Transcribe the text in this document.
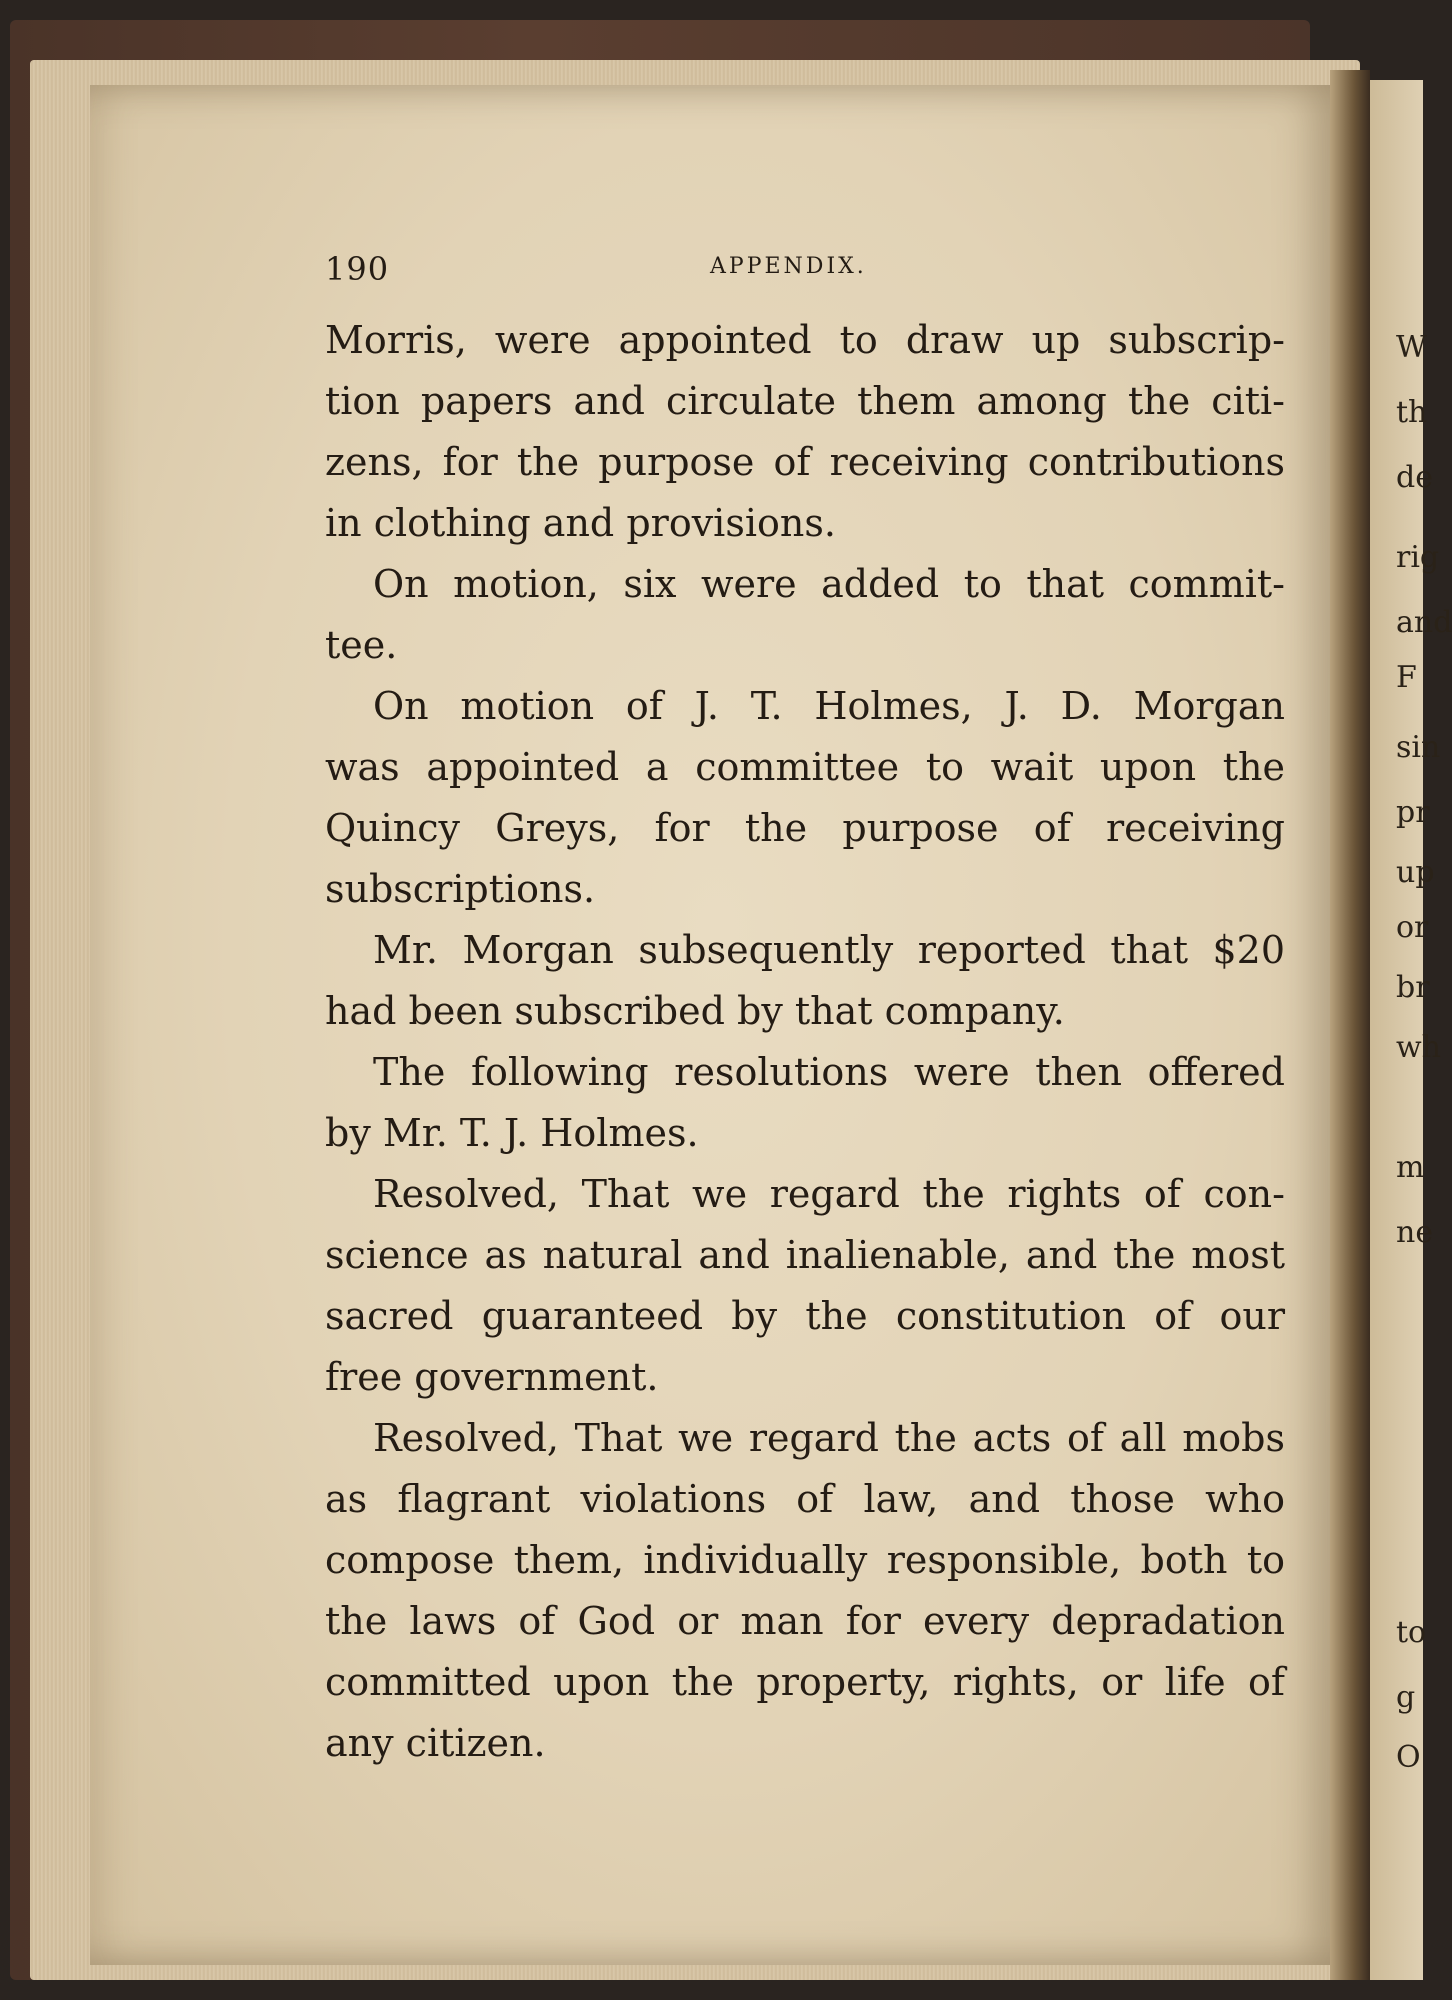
W
th
de
rig
and
F
sin
pr
up
or
br
wh
m
ne
to
g
O
190	APPENDIX.
Morris, were appointed to draw up subscrip-
tion papers and circulate them among the citi-
zens, for the purpose of receiving contributions
in clothing and provisions.
On motion, six were added to that commit-
tee.
On motion of J. T. Holmes, J. D. Morgan
was appointed a committee to wait upon the
Quincy Greys, for the purpose of receiving
subscriptions.
Mr. Morgan subsequently reported that $20
had been subscribed by that company.
The following resolutions were then offered
by Mr. T. J. Holmes.
Resolved, That we regard the rights of con-
science as natural and inalienable, and the most
sacred guaranteed by the constitution of our
free government.
Resolved, That we regard the acts of all mobs
as flagrant violations of law, and those who
compose them, individually responsible, both to
the laws of God or man for every depradation
committed upon the property, rights, or life of
any citizen.
